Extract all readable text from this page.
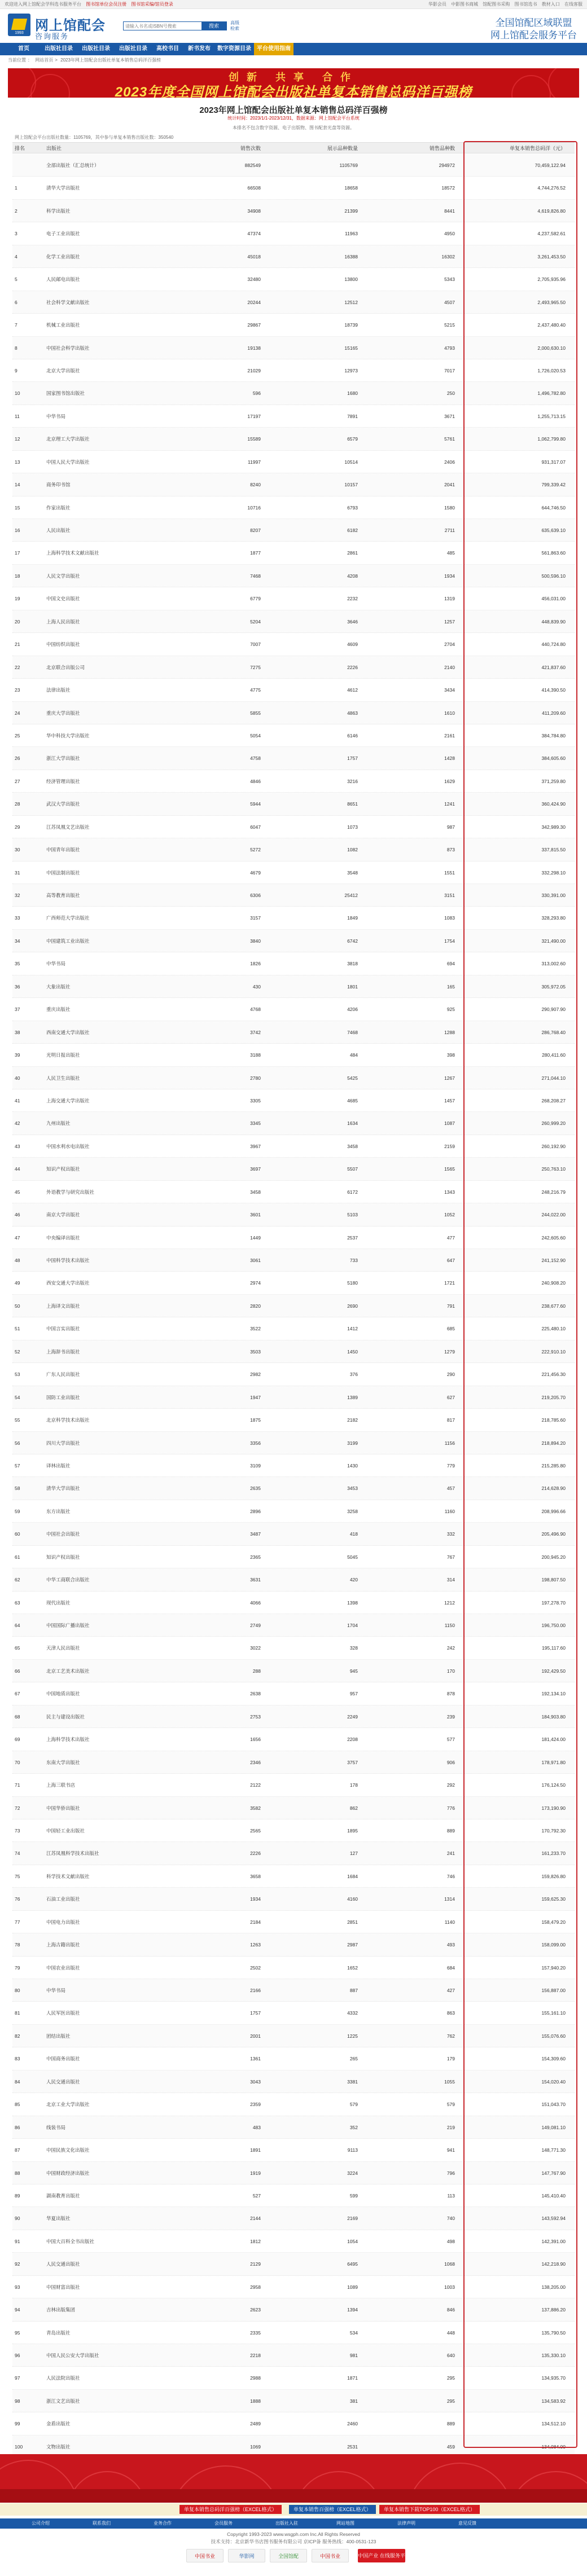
欢迎进入网上馆配会学科选书服务平台 图书馆单位会员注册 图书馆采编/馆员登录	华影会员 中影图书商城 馆配图书采购 图书馆选书 教材入口 在线客服
1993 网上馆配会
咨询服务
请输入书名或ISBN号搜索
搜索
高级检索
全国馆配区域联盟
网上馆配会服务平台
首页	出版社目录	出版社目录	出版社目录	高校书目	新书发布	数字资源目录	平台使用指南
当前位置 ： 网站首页 > 2023年网上馆配会出版社单复本销售总码洋百强榜
创新 共享 合作
2023年度全国网上馆配会出版社单复本销售总码洋百强榜
2023年网上馆配会出版社单复本销售总码洋百强榜
统计时间：2023/1/1-2023/12/31，数据来源：网上馆配会平台系统
本排名不包含数字资源、电子出版物、图书配套光盘等资源。
网上馆配会平台出版社数量：1105769，其中参与单复本销售出版社数：350540
排名	出版社	销售次数	展示品种数量	销售品种数	单复本销售总码洋（元）
全部出版社（汇总统计）	882549	1105769	294972	70,459,122.94
1	清华大学出版社	66508	18658	18572	4,744,276.52
2	科学出版社	34908	21399	8441	4,619,826.80
3	电子工业出版社	47374	11963	4950	4,237,582.61
4	化学工业出版社	45018	16388	16302	3,261,453.50
5	人民邮电出版社	32480	13800	5343	2,705,935.96
6	社会科学文献出版社	20244	12512	4507	2,493,965.50
7	机械工业出版社	29867	18739	5215	2,437,480.40
8	中国社会科学出版社	19138	15165	4793	2,000,630.10
9	北京大学出版社	21029	12973	7017	1,726,020.53
10	国家图书馆出版社	596	1680	250	1,496,782.80
11	中华书局	17197	7891	3671	1,255,713.15
12	北京理工大学出版社	15589	6579	5761	1,062,799.80
13	中国人民大学出版社	11997	10514	2406	931,317.07
14	商务印书馆	8240	10157	2041	799,339.42
15	作家出版社	10716	6793	1580	644,746.50
16	人民出版社	8207	6182	2711	635,639.10
17	上海科学技术文献出版社	1877	2861	485	561,863.60
18	人民文学出版社	7468	4208	1934	500,596.10
19	中国文史出版社	6779	2232	1319	456,031.00
20	上海人民出版社	5204	3646	1257	448,839.90
21	中国纺织出版社	7007	4609	2704	440,724.80
22	北京联合出版公司	7275	2226	2140	421,837.60
23	法律出版社	4775	4612	3434	414,390.50
24	重庆大学出版社	5855	4863	1610	411,209.60
25	华中科技大学出版社	5054	6146	2161	384,784.80
26	浙江大学出版社	4758	1757	1428	384,605.60
27	经济管理出版社	4846	3216	1629	371,259.80
28	武汉大学出版社	5944	8651	1241	360,424.90
29	江苏凤凰文艺出版社	6047	1073	987	342,989.30
30	中国青年出版社	5272	1082	873	337,815.50
31	中国法制出版社	4679	3548	1551	332,298.10
32	高等教育出版社	6306	25412	3151	330,391.00
33	广西师范大学出版社	3157	1849	1083	328,293.80
34	中国建筑工业出版社	3840	6742	1754	321,490.00
35	中华书局	1826	3818	694	313,002.60
36	大象出版社	430	1801	165	305,972.05
37	重庆出版社	4768	4206	925	290,907.90
38	西南交通大学出版社	3742	7468	1288	286,768.40
39	光明日报出版社	3188	484	398	280,411.60
40	人民卫生出版社	2780	5425	1267	271,044.10
41	上海交通大学出版社	3305	4685	1457	268,208.27
42	九州出版社	3345	1634	1087	260,999.20
43	中国水利水电出版社	3967	3458	2159	260,192.90
44	知识产权出版社	3697	5507	1565	250,763.10
45	外语教学与研究出版社	3458	6172	1343	248,216.79
46	南京大学出版社	3601	5103	1052	244,022.00
47	中央编译出版社	1449	2537	477	242,605.60
48	中国科学技术出版社	3061	733	647	241,152.90
49	西安交通大学出版社	2974	5180	1721	240,908.20
50	上海译文出版社	2820	2690	791	238,677.60
51	中国言实出版社	3522	1412	685	225,480.10
52	上海辞书出版社	3503	1450	1279	222,910.10
53	广东人民出版社	2982	376	290	221,456.30
54	国防工业出版社	1947	1389	627	219,205.70
55	北京科学技术出版社	1875	2182	817	218,785.60
56	四川大学出版社	3356	3199	1156	218,894.20
57	译林出版社	3109	1430	779	215,285.80
58	清华大学出版社	2635	3453	457	214,628.90
59	东方出版社	2896	3258	1160	208,996.66
60	中国社会出版社	3487	418	332	205,496.90
61	知识产权出版社	2365	5045	767	200,945.20
62	中华工商联合出版社	3631	420	314	198,807.50
63	现代出版社	4066	1398	1212	197,278.70
64	中国国际广播出版社	2749	1704	1150	196,750.00
65	天津人民出版社	3022	328	242	195,117.60
66	北京工艺美术出版社	288	945	170	192,429.50
67	中国地质出版社	2638	957	878	192,134.10
68	民主与建设出版社	2753	2249	239	184,903.80
69	上海科学技术出版社	1656	2208	577	181,424.00
70	东南大学出版社	2346	3757	906	178,971.80
71	上海三联书店	2122	178	292	176,124.50
72	中国华侨出版社	3582	862	776	173,190.90
73	中国轻工业出版社	2565	1895	889	170,792.30
74	江苏凤凰科学技术出版社	2226	127	241	161,233.70
75	科学技术文献出版社	3658	1684	746	159,826.80
76	石油工业出版社	1934	4160	1314	159,625.30
77	中国电力出版社	2184	2851	1140	158,479.20
78	上海古籍出版社	1263	2987	493	158,099.00
79	中国农业出版社	2502	1652	684	157,940.20
80	中华书局	2166	887	427	156,887.00
81	人民军医出版社	1757	4332	863	155,161.10
82	团结出版社	2001	1225	762	155,076.60
83	中国商务出版社	1361	265	179	154,309.60
84	人民交通出版社	3043	3381	1055	154,020.40
85	北京工业大学出版社	2359	579	579	151,043.70
86	线装书局	483	352	219	149,081.10
87	中国民族文化出版社	1891	9113	941	148,771.30
88	中国财政经济出版社	1919	3224	796	147,767.90
89	湖南教育出版社	527	599	113	145,410.40
90	华夏出版社	2144	2169	740	143,592.94
91	中国大百科全书出版社	1812	1054	498	142,391.00
92	人民交通出版社	2129	6495	1068	142,218.90
93	中国财富出版社	2958	1089	1003	138,205.00
94	吉林出版集团	2623	1394	846	137,886.20
95	青岛出版社	2335	534	448	135,790.50
96	中国人民公安大学出版社	2218	981	640	135,330.10
97	人民法院出版社	2988	1871	295	134,935.70
98	浙江文艺出版社	1888	381	295	134,583.92
99	金盾出版社	2489	2460	889	134,512.10
100	文物出版社	1069	2531	459	134,084.00
单复本销售总码洋百强榜（EXCEL格式）	单复本销售百强榜（EXCEL格式）	单复本销售下载TOP100（EXCEL格式）
公司介绍	联系我们	业务合作	会员服务	出版社入驻	网站地图	法律声明	意见反馈
Copyright 1993-2023 www.wsgph.com Inc.All Rights Reserved
技术支持：北京新华书店图书服务有限公司 京ICP备 服务热线：400-0531-123
中国书业	华影网	全国馆配	中国书业	中国产业 在线服务平台
